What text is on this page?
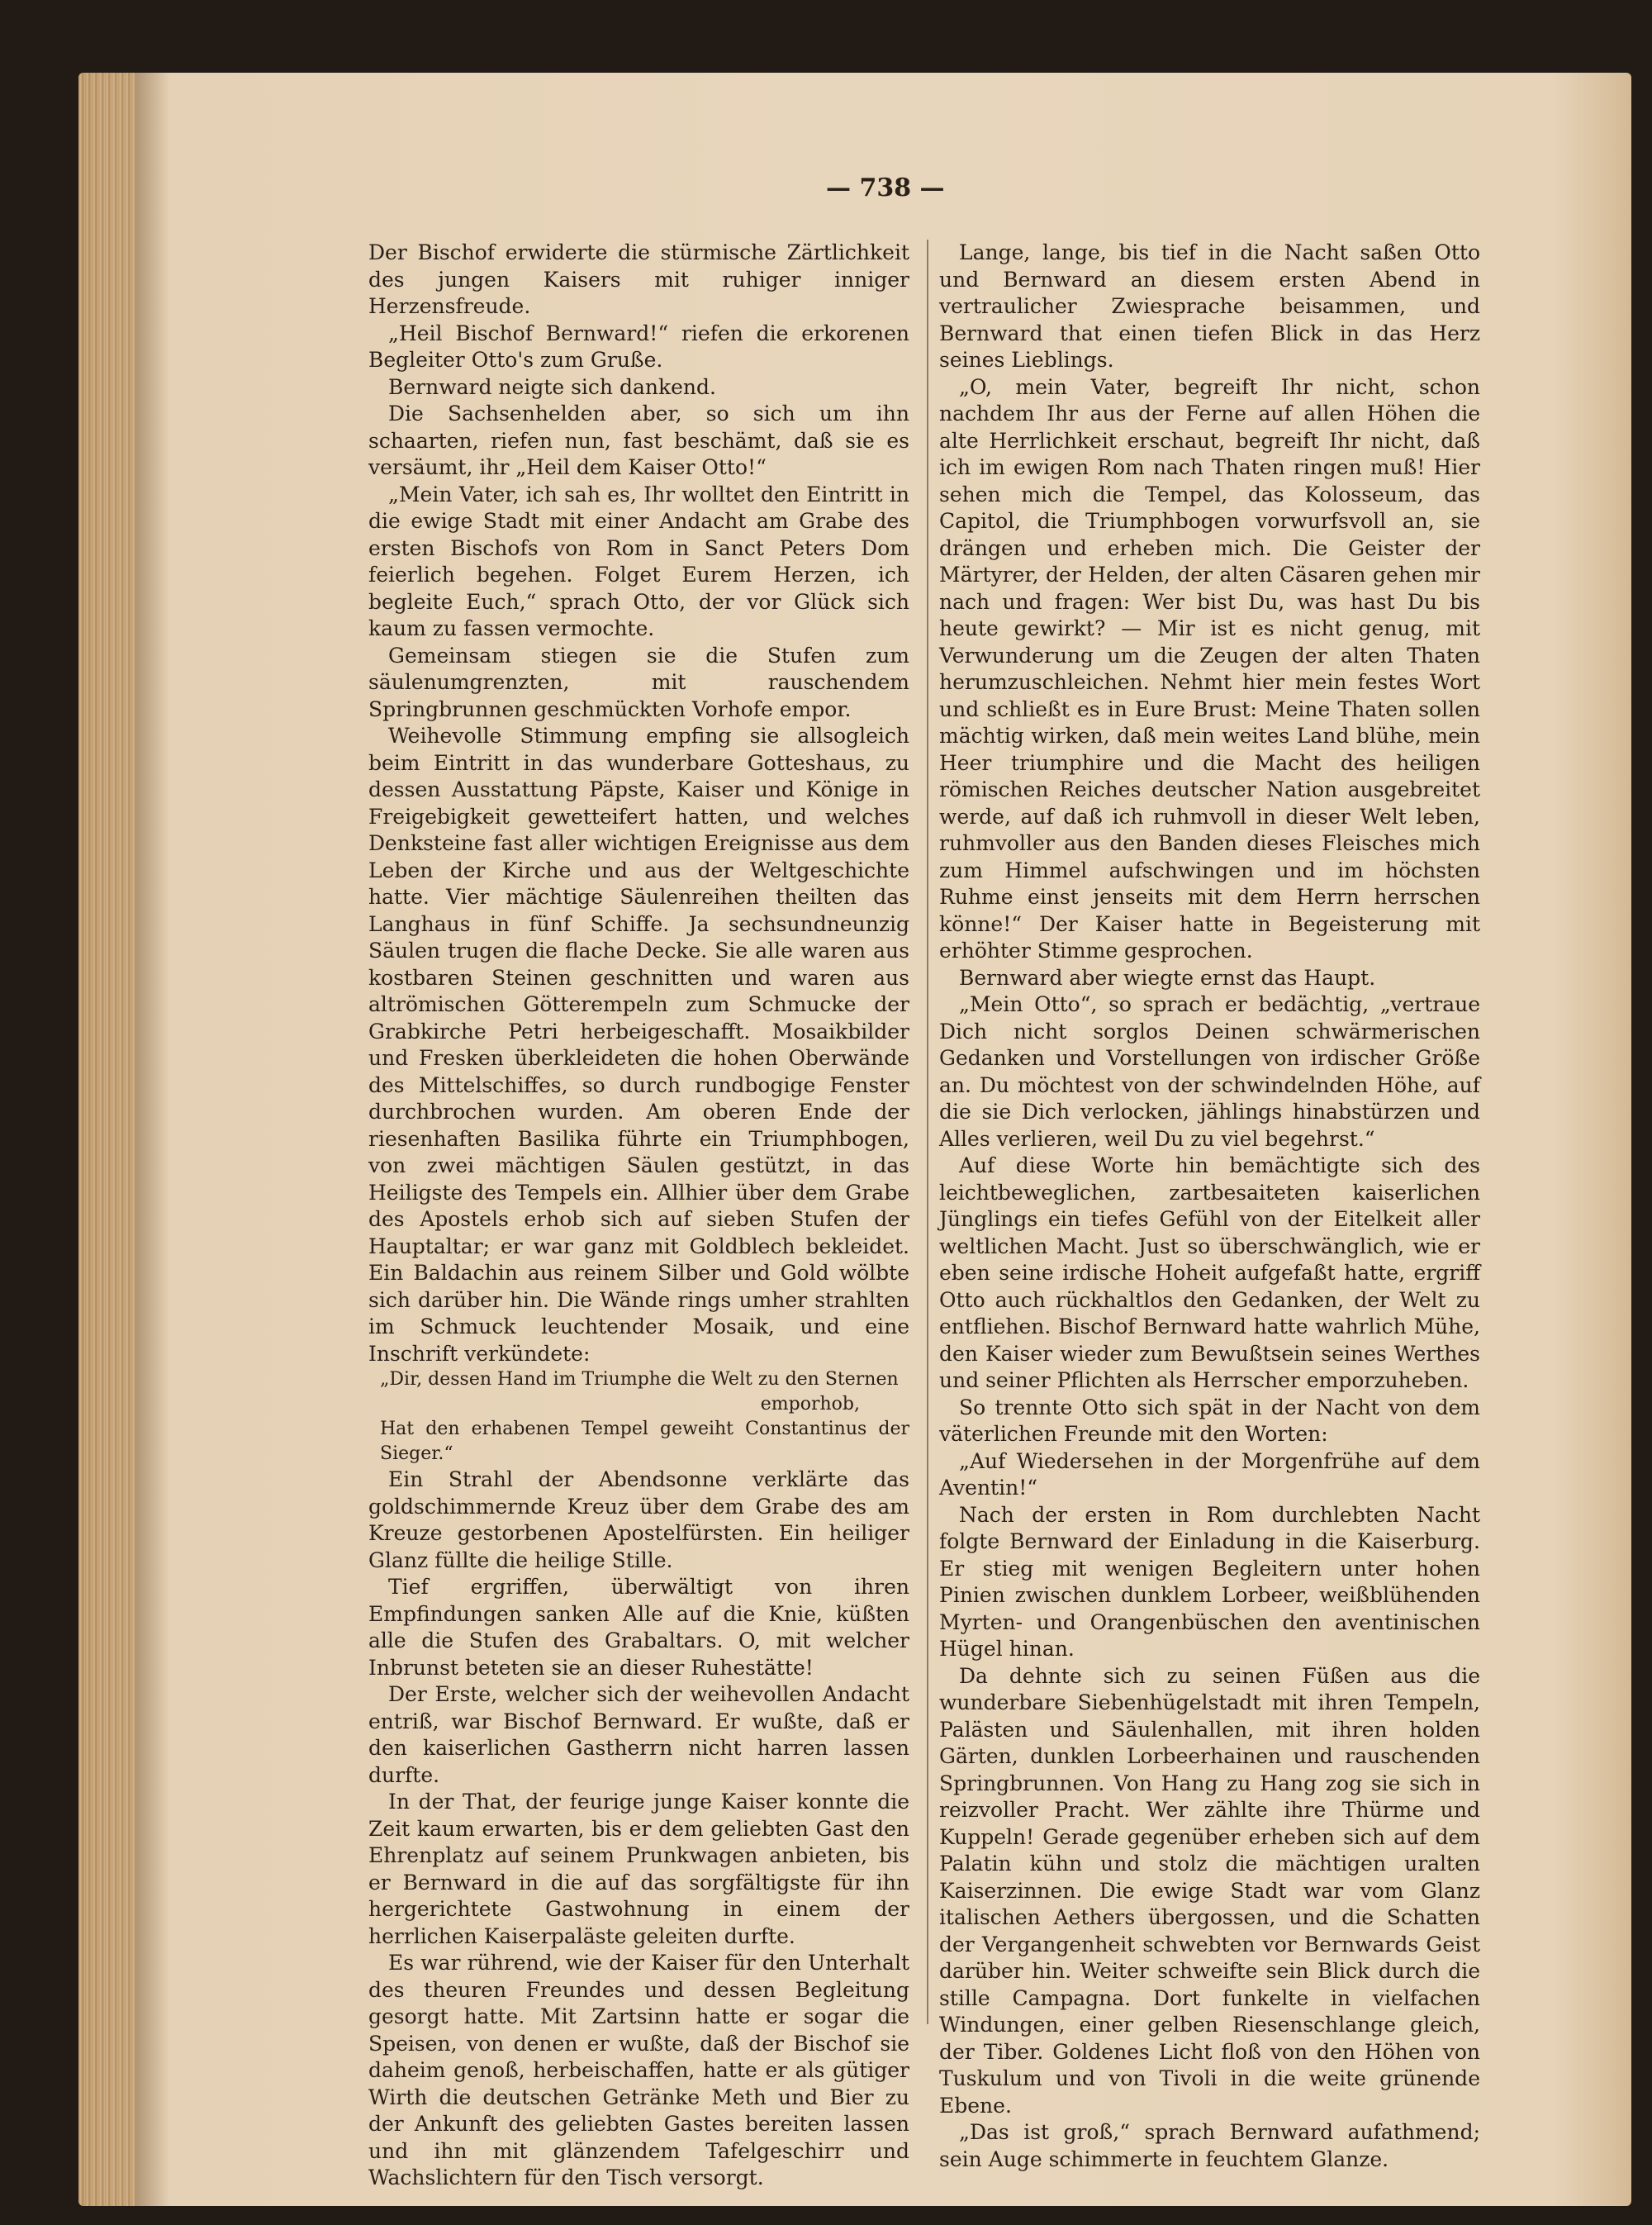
— 738 —

Der Bischof erwiderte die stürmische Zärtlichkeit des jungen Kaisers mit ruhiger inniger Herzensfreude.

„Heil Bischof Bernward!“ riefen die erkorenen Begleiter Otto's zum Gruße.

Bernward neigte sich dankend.

Die Sachsenhelden aber, so sich um ihn schaarten, riefen nun, fast beschämt, daß sie es versäumt, ihr „Heil dem Kaiser Otto!“

„Mein Vater, ich sah es, Ihr wolltet den Eintritt in die ewige Stadt mit einer Andacht am Grabe des ersten Bischofs von Rom in Sanct Peters Dom feierlich begehen. Folget Eurem Herzen, ich begleite Euch,“ sprach Otto, der vor Glück sich kaum zu fassen vermochte.

Gemeinsam stiegen sie die Stufen zum säulenumgrenzten, mit rauschendem Springbrunnen geschmückten Vorhofe empor.

Weihevolle Stimmung empfing sie allsogleich beim Eintritt in das wunderbare Gotteshaus, zu dessen Ausstattung Päpste, Kaiser und Könige in Freigebigkeit gewetteifert hatten, und welches Denksteine fast aller wichtigen Ereignisse aus dem Leben der Kirche und aus der Weltgeschichte hatte. Vier mächtige Säulenreihen theilten das Langhaus in fünf Schiffe. Ja sechsundneunzig Säulen trugen die flache Decke. Sie alle waren aus kostbaren Steinen geschnitten und waren aus altrömischen Götterempeln zum Schmucke der Grabkirche Petri herbeigeschafft. Mosaikbilder und Fresken überkleideten die hohen Oberwände des Mittelschiffes, so durch rundbogige Fenster durchbrochen wurden. Am oberen Ende der riesenhaften Basilika führte ein Triumphbogen, von zwei mächtigen Säulen gestützt, in das Heiligste des Tempels ein. Allhier über dem Grabe des Apostels erhob sich auf sieben Stufen der Hauptaltar; er war ganz mit Goldblech bekleidet. Ein Baldachin aus reinem Silber und Gold wölbte sich darüber hin. Die Wände rings umher strahlten im Schmuck leuchtender Mosaik, und eine Inschrift verkündete:

„Dir, dessen Hand im Triumphe die Welt zu den Sternen

emporhob,

Hat den erhabenen Tempel geweiht Constantinus der Sieger.“

Ein Strahl der Abendsonne verklärte das goldschimmernde Kreuz über dem Grabe des am Kreuze gestorbenen Apostelfürsten. Ein heiliger Glanz füllte die heilige Stille.

Tief ergriffen, überwältigt von ihren Empfindungen sanken Alle auf die Knie, küßten alle die Stufen des Grabaltars. O, mit welcher Inbrunst beteten sie an dieser Ruhestätte!

Der Erste, welcher sich der weihevollen Andacht entriß, war Bischof Bernward. Er wußte, daß er den kaiserlichen Gastherrn nicht harren lassen durfte.

In der That, der feurige junge Kaiser konnte die Zeit kaum erwarten, bis er dem geliebten Gast den Ehrenplatz auf seinem Prunkwagen anbieten, bis er Bernward in die auf das sorgfältigste für ihn hergerichtete Gastwohnung in einem der herrlichen Kaiserpaläste geleiten durfte.

Es war rührend, wie der Kaiser für den Unterhalt des theuren Freundes und dessen Begleitung gesorgt hatte. Mit Zartsinn hatte er sogar die Speisen, von denen er wußte, daß der Bischof sie daheim genoß, herbeischaffen, hatte er als gütiger Wirth die deutschen Getränke Meth und Bier zu der Ankunft des geliebten Gastes bereiten lassen und ihn mit glänzendem Tafelgeschirr und Wachslichtern für den Tisch versorgt.

Lange, lange, bis tief in die Nacht saßen Otto und Bernward an diesem ersten Abend in vertraulicher Zwiesprache beisammen, und Bernward that einen tiefen Blick in das Herz seines Lieblings.

„O, mein Vater, begreift Ihr nicht, schon nachdem Ihr aus der Ferne auf allen Höhen die alte Herrlichkeit erschaut, begreift Ihr nicht, daß ich im ewigen Rom nach Thaten ringen muß! Hier sehen mich die Tempel, das Kolosseum, das Capitol, die Triumphbogen vorwurfsvoll an, sie drängen und erheben mich. Die Geister der Märtyrer, der Helden, der alten Cäsaren gehen mir nach und fragen: Wer bist Du, was hast Du bis heute gewirkt? — Mir ist es nicht genug, mit Verwunderung um die Zeugen der alten Thaten herumzuschleichen. Nehmt hier mein festes Wort und schließt es in Eure Brust: Meine Thaten sollen mächtig wirken, daß mein weites Land blühe, mein Heer triumphire und die Macht des heiligen römischen Reiches deutscher Nation ausgebreitet werde, auf daß ich ruhmvoll in dieser Welt leben, ruhmvoller aus den Banden dieses Fleisches mich zum Himmel aufschwingen und im höchsten Ruhme einst jenseits mit dem Herrn herrschen könne!“ Der Kaiser hatte in Begeisterung mit erhöhter Stimme gesprochen.

Bernward aber wiegte ernst das Haupt.

„Mein Otto“, so sprach er bedächtig, „vertraue Dich nicht sorglos Deinen schwärmerischen Gedanken und Vorstellungen von irdischer Größe an. Du möchtest von der schwindelnden Höhe, auf die sie Dich verlocken, jählings hinabstürzen und Alles verlieren, weil Du zu viel begehrst.“

Auf diese Worte hin bemächtigte sich des leichtbeweglichen, zartbesaiteten kaiserlichen Jünglings ein tiefes Gefühl von der Eitelkeit aller weltlichen Macht. Just so überschwänglich, wie er eben seine irdische Hoheit aufgefaßt hatte, ergriff Otto auch rückhaltlos den Gedanken, der Welt zu entfliehen. Bischof Bernward hatte wahrlich Mühe, den Kaiser wieder zum Bewußtsein seines Werthes und seiner Pflichten als Herrscher emporzuheben.

So trennte Otto sich spät in der Nacht von dem väterlichen Freunde mit den Worten:

„Auf Wiedersehen in der Morgenfrühe auf dem Aventin!“

Nach der ersten in Rom durchlebten Nacht folgte Bernward der Einladung in die Kaiserburg. Er stieg mit wenigen Begleitern unter hohen Pinien zwischen dunklem Lorbeer, weißblühenden Myrten- und Orangenbüschen den aventinischen Hügel hinan.

Da dehnte sich zu seinen Füßen aus die wunderbare Siebenhügelstadt mit ihren Tempeln, Palästen und Säulenhallen, mit ihren holden Gärten, dunklen Lorbeerhainen und rauschenden Springbrunnen. Von Hang zu Hang zog sie sich in reizvoller Pracht. Wer zählte ihre Thürme und Kuppeln! Gerade gegenüber erheben sich auf dem Palatin kühn und stolz die mächtigen uralten Kaiserzinnen. Die ewige Stadt war vom Glanz italischen Aethers übergossen, und die Schatten der Vergangenheit schwebten vor Bernwards Geist darüber hin. Weiter schweifte sein Blick durch die stille Campagna. Dort funkelte in vielfachen Windungen, einer gelben Riesenschlange gleich, der Tiber. Goldenes Licht floß von den Höhen von Tuskulum und von Tivoli in die weite grünende Ebene.

„Das ist groß,“ sprach Bernward aufathmend; sein Auge schimmerte in feuchtem Glanze.
